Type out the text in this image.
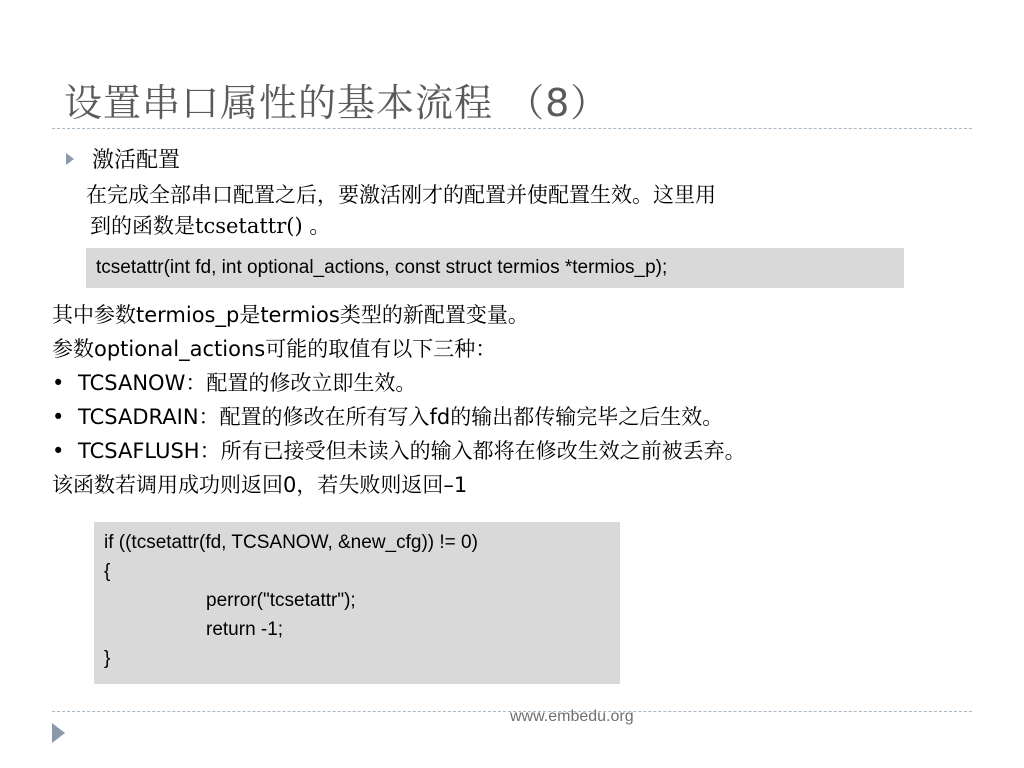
设置串口属性的基本流程 （8）
激活配置
在完成全部串口配置之后，要激活刚才的配置并使配置生效。这里用
到的函数是tcsetattr() 。
tcsetattr(int fd, int optional_actions, const struct termios *termios_p);
其中参数termios_p是termios类型的新配置变量。
参数optional_actions可能的取值有以下三种：
• TCSANOW：配置的修改立即生效。
• TCSADRAIN：配置的修改在所有写入fd的输出都传输完毕之后生效。
• TCSAFLUSH：所有已接受但未读入的输入都将在修改生效之前被丢弃。
该函数若调用成功则返回0，若失败则返回–1
if ((tcsetattr(fd, TCSANOW, &new_cfg)) != 0)
{
perror("tcsetattr");
return -1;
}
www.embedu.org
